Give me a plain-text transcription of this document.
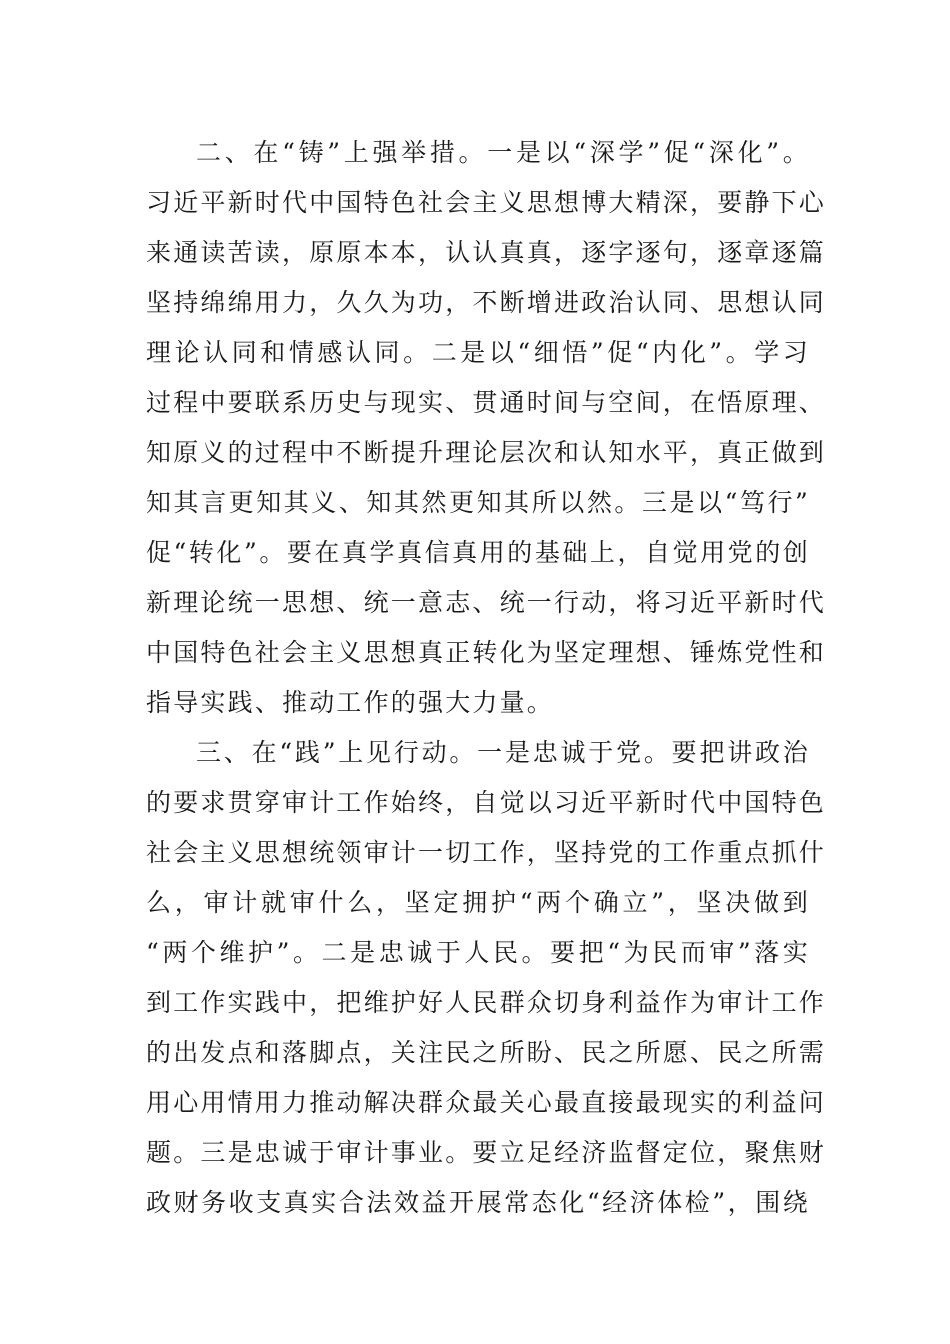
二、在“铸”上强举措。一是以“深学”促“深化”。
习近平新时代中国特色社会主义思想博大精深，要静下心
来通读苦读，原原本本，认认真真，逐字逐句，逐章逐篇
坚持绵绵用力，久久为功，不断增进政治认同、思想认同
理论认同和情感认同。二是以“细悟”促“内化”。学习
过程中要联系历史与现实、贯通时间与空间，在悟原理、
知原义的过程中不断提升理论层次和认知水平，真正做到
知其言更知其义、知其然更知其所以然。三是以“笃行”
促“转化”。要在真学真信真用的基础上，自觉用党的创
新理论统一思想、统一意志、统一行动，将习近平新时代
中国特色社会主义思想真正转化为坚定理想、锤炼党性和
指导实践、推动工作的强大力量。
三、在“践”上见行动。一是忠诚于党。要把讲政治
的要求贯穿审计工作始终，自觉以习近平新时代中国特色
社会主义思想统领审计一切工作，坚持党的工作重点抓什
么，审计就审什么，坚定拥护“两个确立”，坚决做到
“两个维护”。二是忠诚于人民。要把“为民而审”落实
到工作实践中，把维护好人民群众切身利益作为审计工作
的出发点和落脚点，关注民之所盼、民之所愿、民之所需
用心用情用力推动解决群众最关心最直接最现实的利益问
题。三是忠诚于审计事业。要立足经济监督定位，聚焦财
政财务收支真实合法效益开展常态化“经济体检”，围绕
